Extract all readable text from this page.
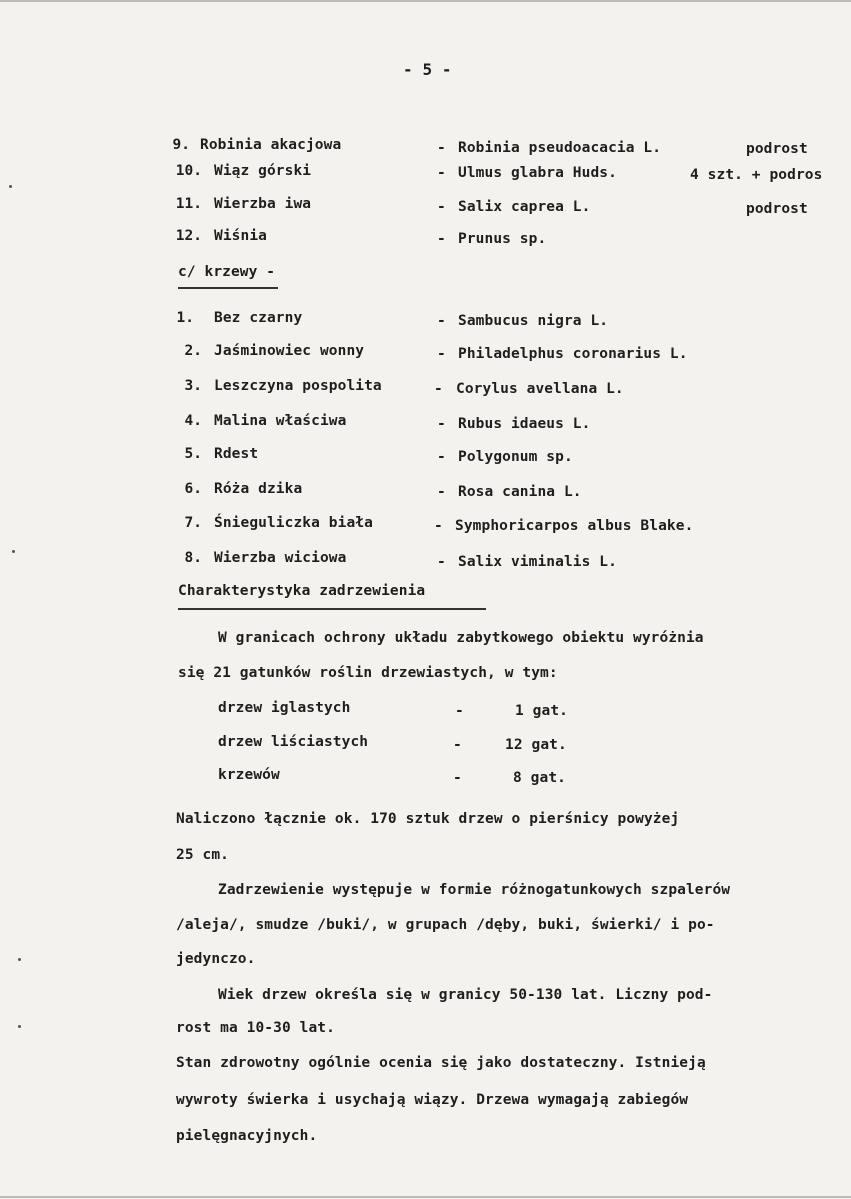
- 5 -
9. Robinia akacjowa	- Robinia pseudoacacia L.	podrost
10. Wiąz górski	- Ulmus glabra Huds.	4 szt. + podros
11. Wierzba iwa	- Salix caprea L.	podrost
12. Wiśnia	- Prunus sp.
c/ krzewy -
1. Bez czarny	- Sambucus nigra L.
2. Jaśminowiec wonny	- Philadelphus coronarius L.
3. Leszczyna pospolita	- Corylus avellana L.
4. Malina właściwa	- Rubus idaeus L.
5. Rdest	- Polygonum sp.
6. Róża dzika	- Rosa canina L.
7. Śnieguliczka biała	- Symphoricarpos albus Blake.
8. Wierzba wiciowa	- Salix viminalis L.
Charakterystyka zadrzewienia
W granicach ochrony układu zabytkowego obiektu wyróżnia
się 21 gatunków roślin drzewiastych, w tym:
drzew iglastych	-	1 gat.
drzew liściastych	-	12 gat.
krzewów	-	8 gat.
Naliczono łącznie ok. 170 sztuk drzew o pierśnicy powyżej
25 cm.
Zadrzewienie występuje w formie różnogatunkowych szpalerów
/aleja/, smudze /buki/, w grupach /dęby, buki, świerki/ i po-
jedynczo.
Wiek drzew określa się w granicy 50-130 lat. Liczny pod-
rost ma 10-30 lat.
Stan zdrowotny ogólnie ocenia się jako dostateczny. Istnieją
wywroty świerka i usychają wiązy. Drzewa wymagają zabiegów
pielęgnacyjnych.
